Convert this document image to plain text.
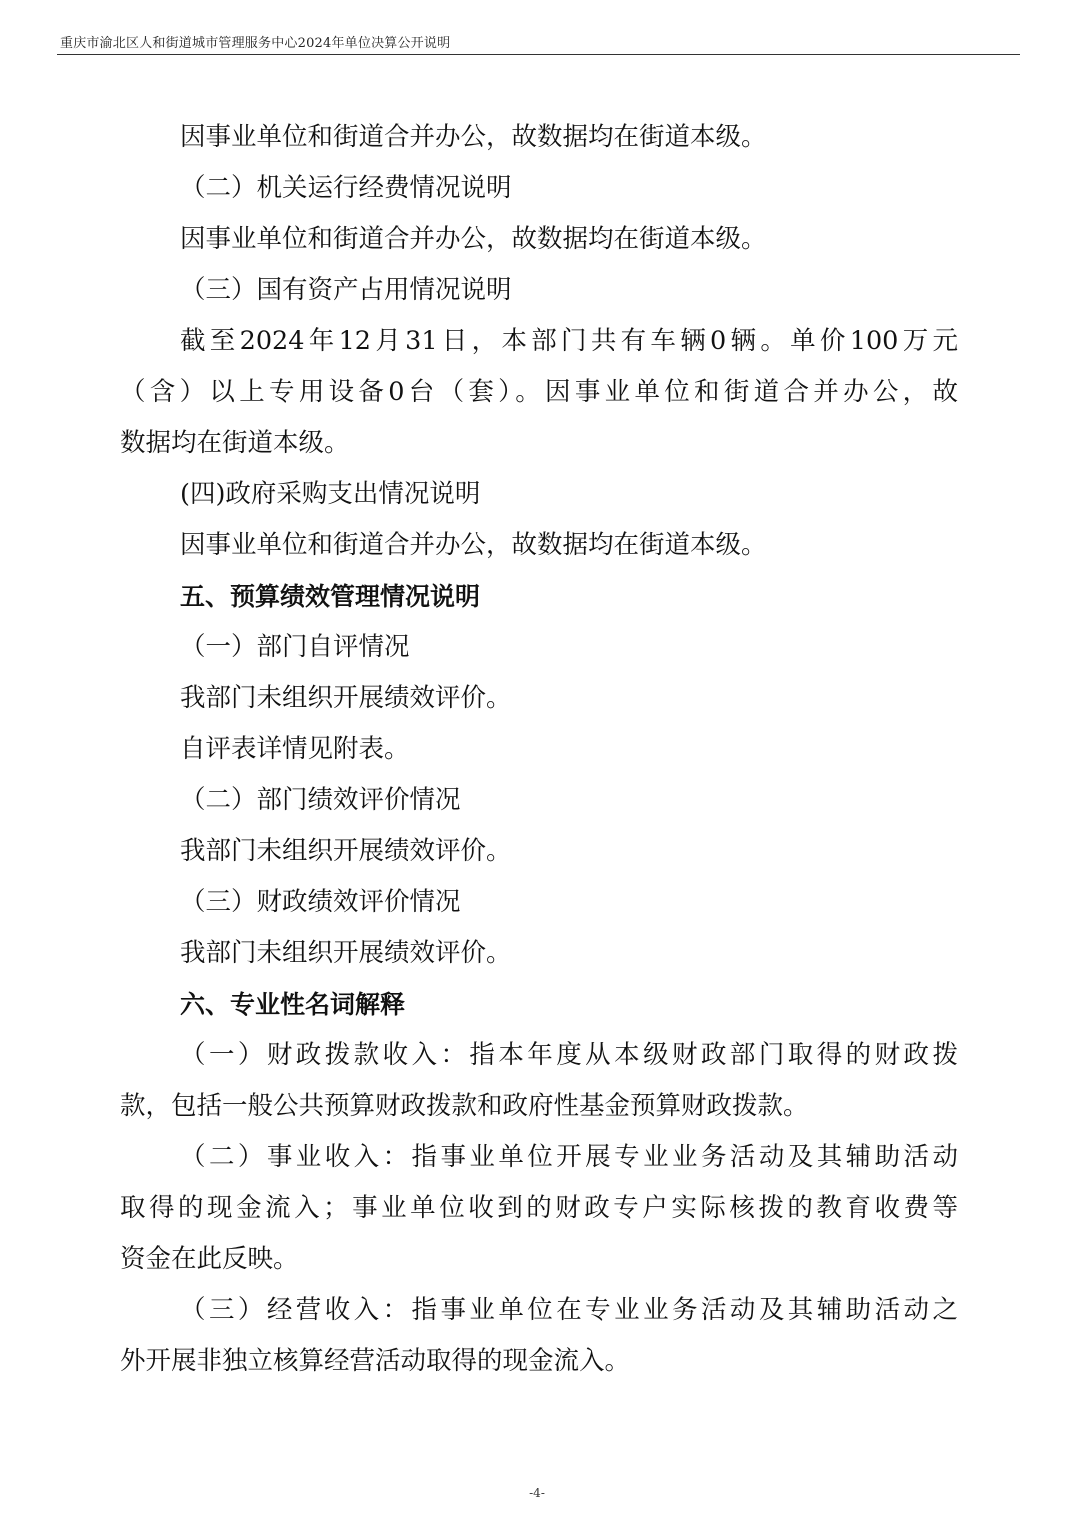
重庆市渝北区人和街道城市管理服务中心2024年单位决算公开说明
因事业单位和街道合并办公，故数据均在街道本级。
（二）机关运行经费情况说明
因事业单位和街道合并办公，故数据均在街道本级。
（三）国有资产占用情况说明
截至2024年12月31日，本部门共有车辆0辆。单价100万元
（含）以上专用设备0台（套）。因事业单位和街道合并办公，故
数据均在街道本级。
(四)政府采购支出情况说明
因事业单位和街道合并办公，故数据均在街道本级。
五、预算绩效管理情况说明
（一）部门自评情况
我部门未组织开展绩效评价。
自评表详情见附表。
（二）部门绩效评价情况
我部门未组织开展绩效评价。
（三）财政绩效评价情况
我部门未组织开展绩效评价。
六、专业性名词解释
（一）财政拨款收入：指本年度从本级财政部门取得的财政拨
款，包括一般公共预算财政拨款和政府性基金预算财政拨款。
（二）事业收入：指事业单位开展专业业务活动及其辅助活动
取得的现金流入；事业单位收到的财政专户实际核拨的教育收费等
资金在此反映。
（三）经营收入：指事业单位在专业业务活动及其辅助活动之
外开展非独立核算经营活动取得的现金流入。
-4-
